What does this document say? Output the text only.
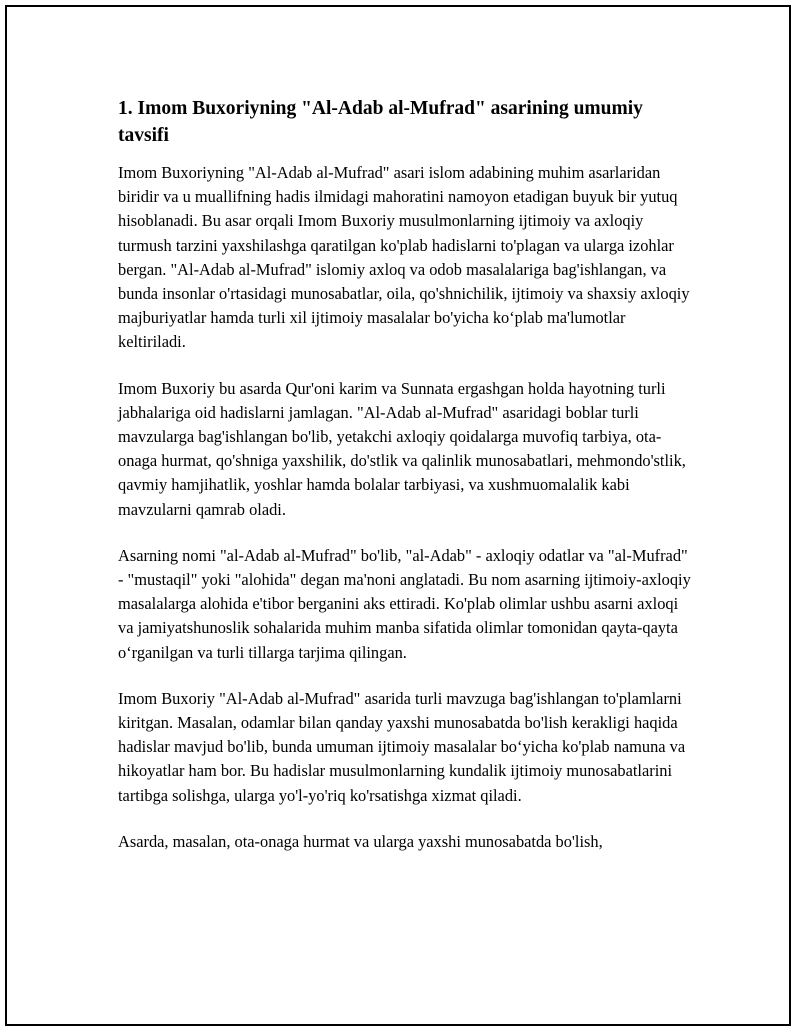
1. Imom Buxoriyning "Al-Adab al-Mufrad" asarining umumiy tavsifi

Imom Buxoriyning "Al-Adab al-Mufrad" asari islom adabining muhim asarlaridan biridir va u muallifning hadis ilmidagi mahoratini namoyon etadigan buyuk bir yutuq hisoblanadi. Bu asar orqali Imom Buxoriy musulmonlarning ijtimoiy va axloqiy turmush tarzini yaxshilashga qaratilgan ko'plab hadislarni to'plagan va ularga izohlar bergan. "Al-Adab al-Mufrad" islomiy axloq va odob masalalariga bag'ishlangan, va bunda insonlar o'rtasidagi munosabatlar, oila, qo'shnichilik, ijtimoiy va shaxsiy axloqiy majburiyatlar hamda turli xil ijtimoiy masalalar bo'yicha ko‘plab ma'lumotlar keltiriladi.

Imom Buxoriy bu asarda Qur'oni karim va Sunnata ergashgan holda hayotning turli jabhalariga oid hadislarni jamlagan. "Al-Adab al-Mufrad" asaridagi boblar turli mavzularga bag'ishlangan bo'lib, yetakchi axloqiy qoidalarga muvofiq tarbiya, ota-onaga hurmat, qo'shniga yaxshilik, do'stlik va qalinlik munosabatlari, mehmondo'stlik, qavmiy hamjihatlik, yoshlar hamda bolalar tarbiyasi, va xushmuomalalik kabi mavzularni qamrab oladi.

Asarning nomi "al-Adab al-Mufrad" bo'lib, "al-Adab" - axloqiy odatlar va "al-Mufrad" - "mustaqil" yoki "alohida" degan ma'noni anglatadi. Bu nom asarning ijtimoiy-axloqiy masalalarga alohida e'tibor berganini aks ettiradi. Ko'plab olimlar ushbu asarni axloqi va jamiyatshunoslik sohalarida muhim manba sifatida olimlar tomonidan qayta-qayta o‘rganilgan va turli tillarga tarjima qilingan.

Imom Buxoriy "Al-Adab al-Mufrad" asarida turli mavzuga bag'ishlangan to'plamlarni kiritgan. Masalan, odamlar bilan qanday yaxshi munosabatda bo'lish kerakligi haqida hadislar mavjud bo'lib, bunda umuman ijtimoiy masalalar bo‘yicha ko'plab namuna va hikoyatlar ham bor. Bu hadislar musulmonlarning kundalik ijtimoiy munosabatlarini tartibga solishga, ularga yo'l-yo'riq ko'rsatishga xizmat qiladi.

Asarda, masalan, ota-onaga hurmat va ularga yaxshi munosabatda bo'lish,
